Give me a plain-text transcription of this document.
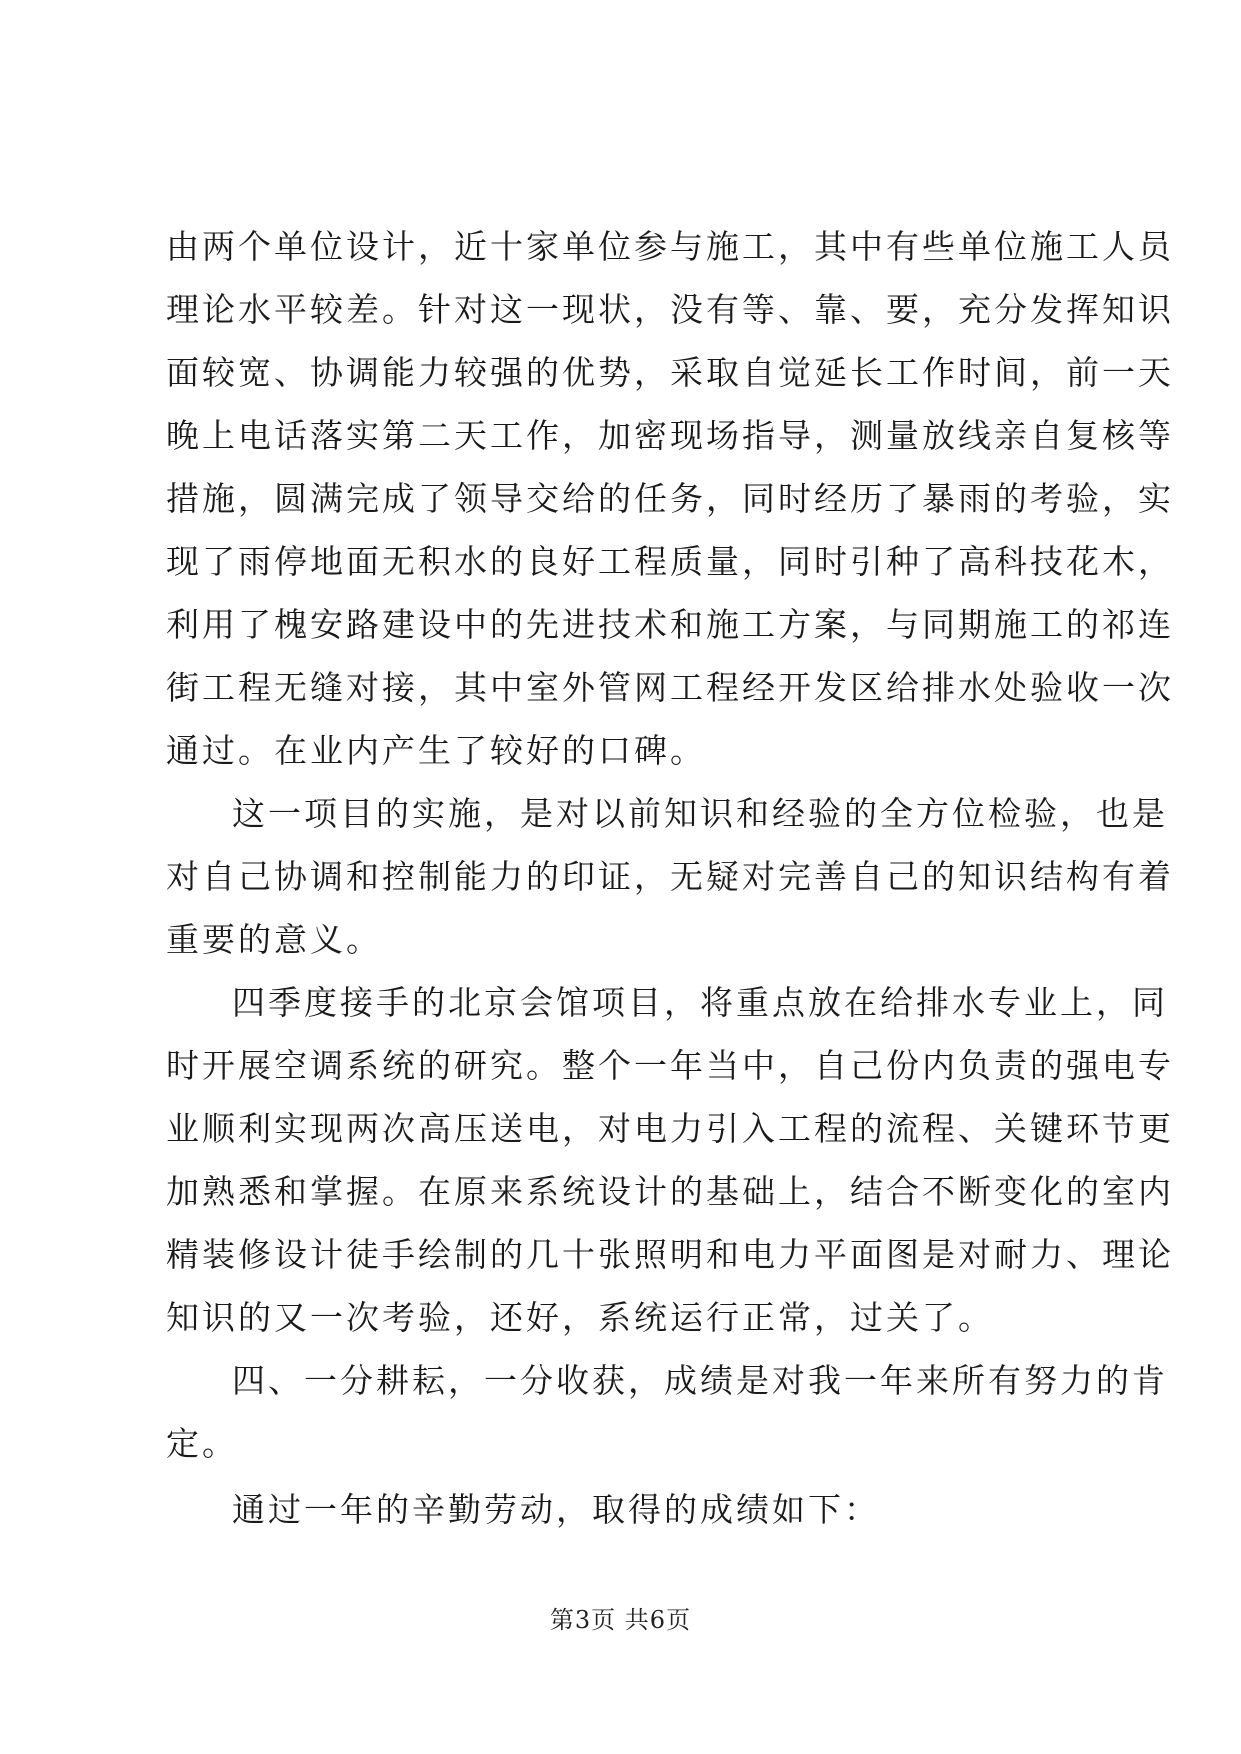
由两个单位设计，近十家单位参与施工，其中有些单位施工人员
理论水平较差。针对这一现状，没有等、靠、要，充分发挥知识
面较宽、协调能力较强的优势，采取自觉延长工作时间，前一天
晚上电话落实第二天工作，加密现场指导，测量放线亲自复核等
措施，圆满完成了领导交给的任务，同时经历了暴雨的考验，实
现了雨停地面无积水的良好工程质量，同时引种了高科技花木，
利用了槐安路建设中的先进技术和施工方案，与同期施工的祁连
街工程无缝对接，其中室外管网工程经开发区给排水处验收一次
通过。在业内产生了较好的口碑。
这一项目的实施，是对以前知识和经验的全方位检验，也是
对自己协调和控制能力的印证，无疑对完善自己的知识结构有着
重要的意义。
四季度接手的北京会馆项目，将重点放在给排水专业上，同
时开展空调系统的研究。整个一年当中，自己份内负责的强电专
业顺利实现两次高压送电，对电力引入工程的流程、关键环节更
加熟悉和掌握。在原来系统设计的基础上，结合不断变化的室内
精装修设计徒手绘制的几十张照明和电力平面图是对耐力、理论
知识的又一次考验，还好，系统运行正常，过关了。
四、一分耕耘，一分收获，成绩是对我一年来所有努力的肯
定。
通过一年的辛勤劳动，取得的成绩如下：
第3页 共6页
